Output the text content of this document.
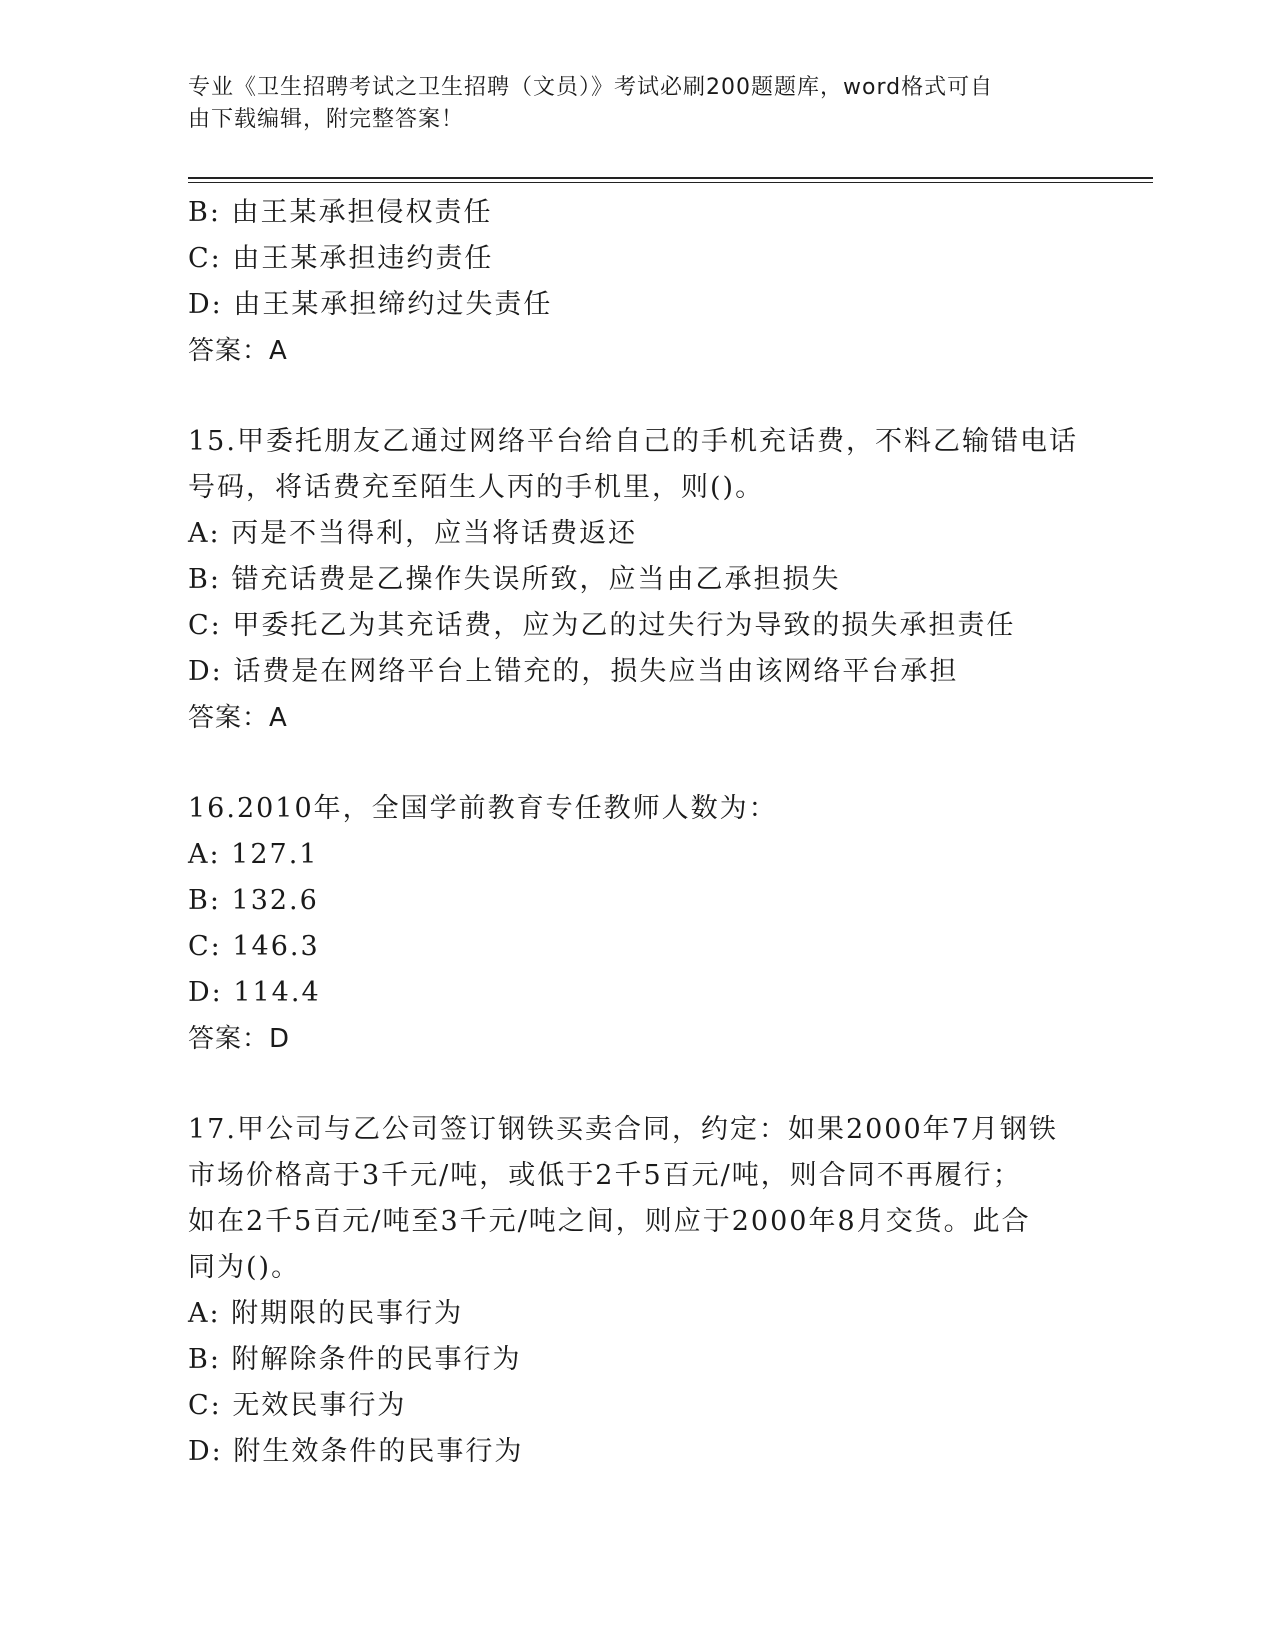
专业《卫生招聘考试之卫生招聘（文员）》考试必刷200题题库，word格式可自
由下载编辑，附完整答案！
B: 由王某承担侵权责任
C: 由王某承担违约责任
D: 由王某承担缔约过失责任
答案：A
15.甲委托朋友乙通过网络平台给自己的手机充话费，不料乙输错电话
号码，将话费充至陌生人丙的手机里，则()。
A: 丙是不当得利，应当将话费返还
B: 错充话费是乙操作失误所致，应当由乙承担损失
C: 甲委托乙为其充话费，应为乙的过失行为导致的损失承担责任
D: 话费是在网络平台上错充的，损失应当由该网络平台承担
答案：A
16.2010年，全国学前教育专任教师人数为：
A: 127.1
B: 132.6
C: 146.3
D: 114.4
答案：D
17.甲公司与乙公司签订钢铁买卖合同，约定：如果2000年7月钢铁
市场价格高于3千元/吨，或低于2千5百元/吨，则合同不再履行；
如在2千5百元/吨至3千元/吨之间，则应于2000年8月交货。此合
同为()。
A: 附期限的民事行为
B: 附解除条件的民事行为
C: 无效民事行为
D: 附生效条件的民事行为
